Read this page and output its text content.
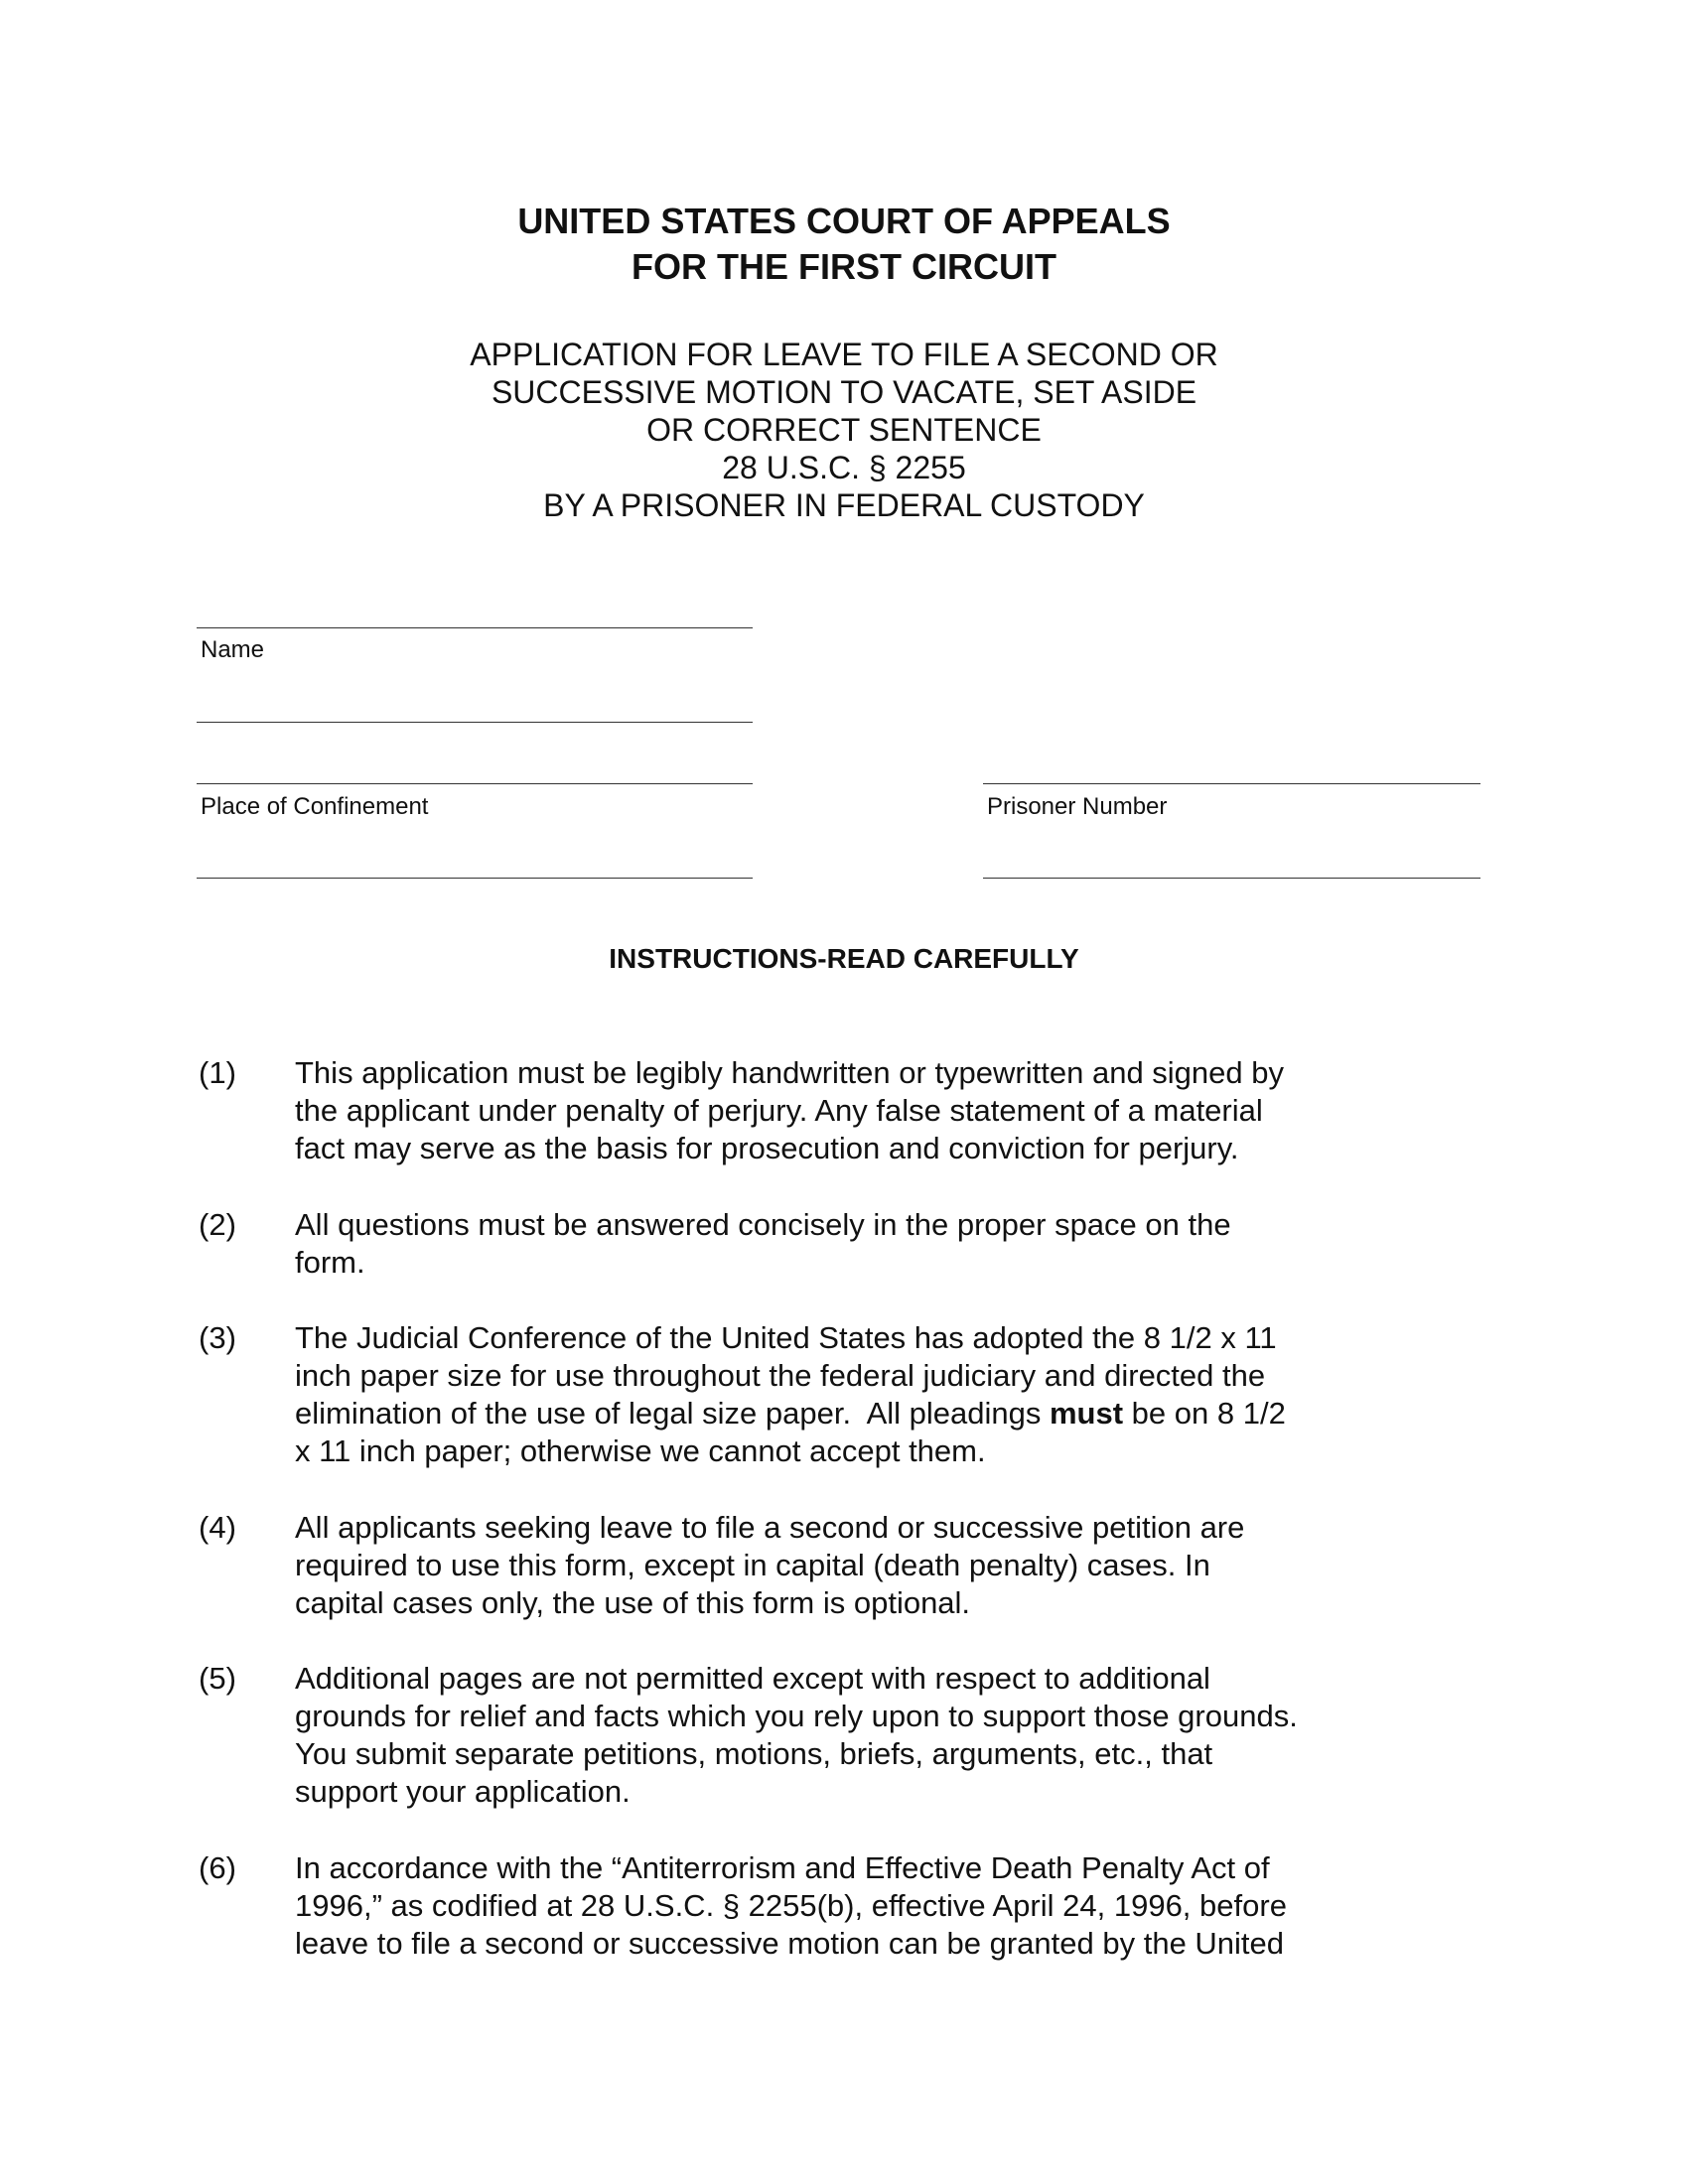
UNITED STATES COURT OF APPEALS
FOR THE FIRST CIRCUIT
APPLICATION FOR LEAVE TO FILE A SECOND OR
SUCCESSIVE MOTION TO VACATE, SET ASIDE
OR CORRECT SENTENCE
28 U.S.C. § 2255
BY A PRISONER IN FEDERAL CUSTODY
Name
Place of Confinement	Prisoner Number
INSTRUCTIONS-READ CAREFULLY
(1) This application must be legibly handwritten or typewritten and signed by
the applicant under penalty of perjury. Any false statement of a material
fact may serve as the basis for prosecution and conviction for perjury.
(2) All questions must be answered concisely in the proper space on the
form.
(3) The Judicial Conference of the United States has adopted the 8 1/2 x 11
inch paper size for use throughout the federal judiciary and directed the
elimination of the use of legal size paper.  All pleadings must be on 8 1/2
x 11 inch paper; otherwise we cannot accept them.
(4) All applicants seeking leave to file a second or successive petition are
required to use this form, except in capital (death penalty) cases. In
capital cases only, the use of this form is optional.
(5) Additional pages are not permitted except with respect to additional
grounds for relief and facts which you rely upon to support those grounds.
You submit separate petitions, motions, briefs, arguments, etc., that
support your application.
(6) In accordance with the “Antiterrorism and Effective Death Penalty Act of
1996,” as codified at 28 U.S.C. § 2255(b), effective April 24, 1996, before
leave to file a second or successive motion can be granted by the United
